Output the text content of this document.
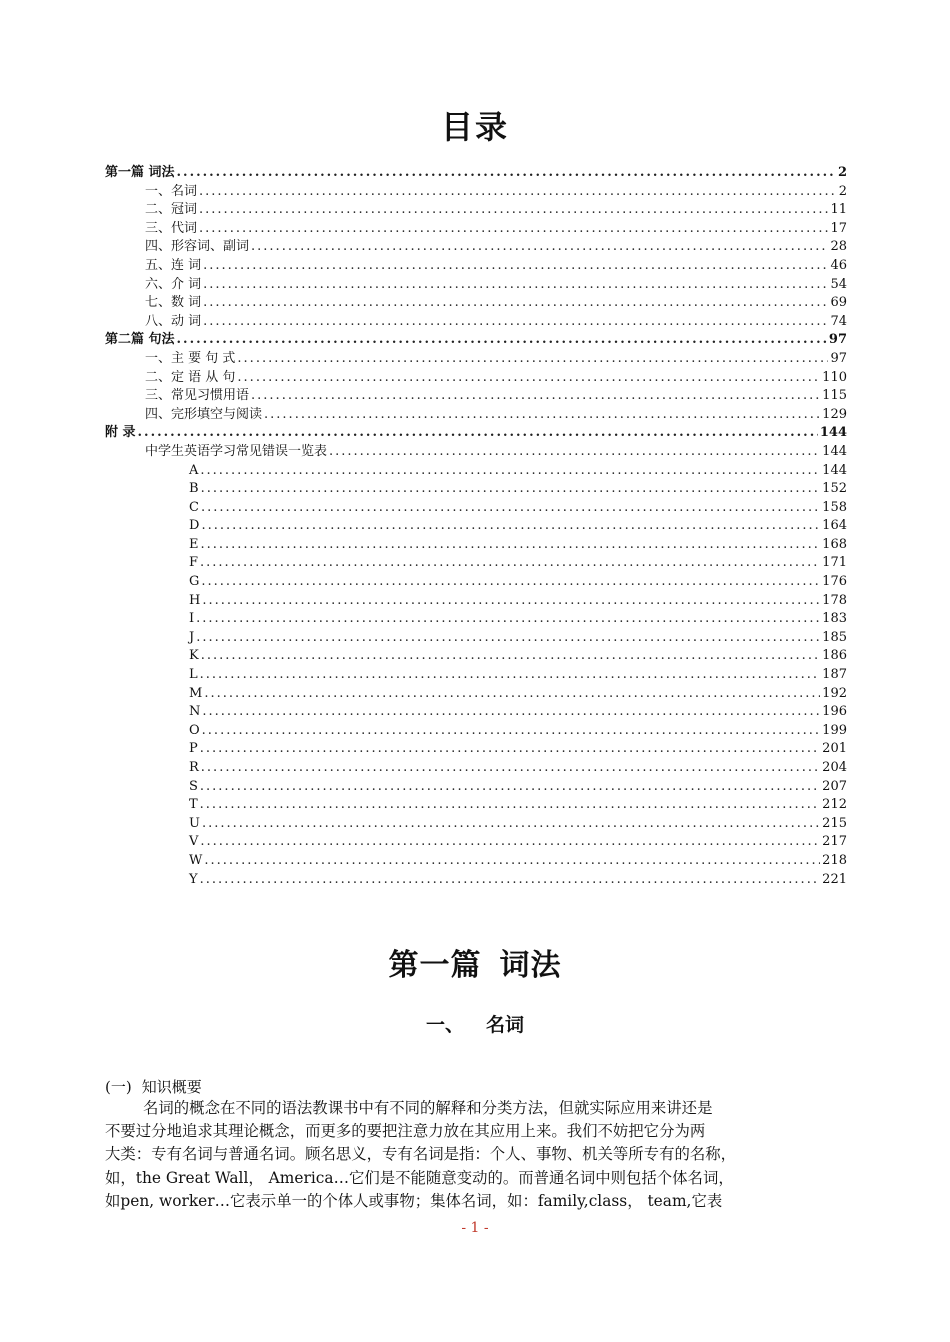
目录
第一篇 词法 .....	2
一、 名词 .....	2
二、 冠词 .....	11
三、 代词 .....	17
四、 形容词、副词 .....	28
五、 连 词 .....	46
六、 介 词 .....	54
七、 数 词 .....	69
八、 动 词 .....	74
第二篇 句法 .....	97
一、 主 要 句 式 .....	97
二、 定 语 从 句 .....	110
三、 常见习惯用语 .....	115
四、 完形填空与阅读 .....	129
附 录 .....	144
中学生英语学习常见错误一览表 .....	144
A .....	144
B .....	152
C .....	158
D .....	164
E .....	168
F .....	171
G .....	176
H .....	178
I .....	183
J .....	185
K .....	186
L .....	187
M .....	192
N .....	196
O .....	199
P .....	201
R .....	204
S .....	207
T .....	212
U .....	215
V .....	217
W .....	218
Y .....	221
第一篇 词法
一、 名词

(一) 知识概要

名词的概念在不同的语法教课书中有不同的解释和分类方法，但就实际应用来讲还是
不要过分地追求其理论概念，而更多的要把注意力放在其应用上来。我们不妨把它分为两
大类：专有名词与普通名词。顾名思义，专有名词是指：个人、事物、机关等所专有的名称，
如，the Great Wall， America…它们是不能随意变动的。而普通名词中则包括个体名词，
如pen, worker…它表示单一的个体人或事物；集体名词，如：family,class， team,它表

- 1 -
